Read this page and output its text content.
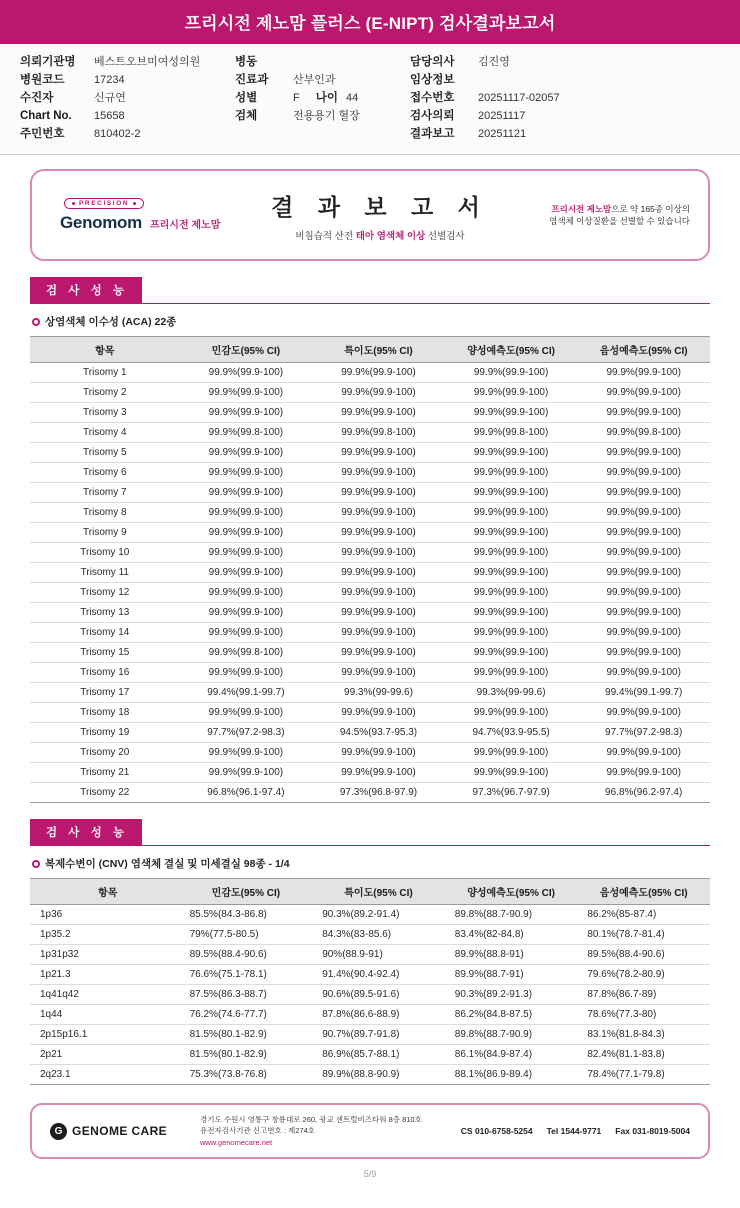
프리시전 제노맘 플러스 (E-NIPT) 검사결과보고서
의뢰기관명	베스트오브미여성의원
병원코드	17234
수진자	신규연
Chart No.	15658
주민번호	810402-2
병동
진료과	산부인과
성별	F 나이 44
검체	전용용기 혈장
담당의사	김진영
임상정보
접수번호	20251117-02057
검사의뢰	20251117
결과보고	20251121
PRECISION
Genomom 프리시전 제노맘
결 과 보 고 서
비침습적 산전 태아 염색체 이상 선별검사
프리시전 제노맘으로 약 165종 이상의
염색체 이상질환을 선별할 수 있습니다
검 사 성 능
상염색체 이수성 (ACA) 22종
항목	민감도(95% CI)	특이도(95% CI)	양성예측도(95% CI)	음성예측도(95% CI)
Trisomy 1	99.9%(99.9-100)	99.9%(99.9-100)	99.9%(99.9-100)	99.9%(99.9-100)
Trisomy 2	99.9%(99.9-100)	99.9%(99.9-100)	99.9%(99.9-100)	99.9%(99.9-100)
Trisomy 3	99.9%(99.9-100)	99.9%(99.9-100)	99.9%(99.9-100)	99.9%(99.9-100)
Trisomy 4	99.9%(99.8-100)	99.9%(99.8-100)	99.9%(99.8-100)	99.9%(99.8-100)
Trisomy 5	99.9%(99.9-100)	99.9%(99.9-100)	99.9%(99.9-100)	99.9%(99.9-100)
Trisomy 6	99.9%(99.9-100)	99.9%(99.9-100)	99.9%(99.9-100)	99.9%(99.9-100)
Trisomy 7	99.9%(99.9-100)	99.9%(99.9-100)	99.9%(99.9-100)	99.9%(99.9-100)
Trisomy 8	99.9%(99.9-100)	99.9%(99.9-100)	99.9%(99.9-100)	99.9%(99.9-100)
Trisomy 9	99.9%(99.9-100)	99.9%(99.9-100)	99.9%(99.9-100)	99.9%(99.9-100)
Trisomy 10	99.9%(99.9-100)	99.9%(99.9-100)	99.9%(99.9-100)	99.9%(99.9-100)
Trisomy 11	99.9%(99.9-100)	99.9%(99.9-100)	99.9%(99.9-100)	99.9%(99.9-100)
Trisomy 12	99.9%(99.9-100)	99.9%(99.9-100)	99.9%(99.9-100)	99.9%(99.9-100)
Trisomy 13	99.9%(99.9-100)	99.9%(99.9-100)	99.9%(99.9-100)	99.9%(99.9-100)
Trisomy 14	99.9%(99.9-100)	99.9%(99.9-100)	99.9%(99.9-100)	99.9%(99.9-100)
Trisomy 15	99.9%(99.8-100)	99.9%(99.9-100)	99.9%(99.9-100)	99.9%(99.9-100)
Trisomy 16	99.9%(99.9-100)	99.9%(99.9-100)	99.9%(99.9-100)	99.9%(99.9-100)
Trisomy 17	99.4%(99.1-99.7)	99.3%(99-99.6)	99.3%(99-99.6)	99.4%(99.1-99.7)
Trisomy 18	99.9%(99.9-100)	99.9%(99.9-100)	99.9%(99.9-100)	99.9%(99.9-100)
Trisomy 19	97.7%(97.2-98.3)	94.5%(93.7-95.3)	94.7%(93.9-95.5)	97.7%(97.2-98.3)
Trisomy 20	99.9%(99.9-100)	99.9%(99.9-100)	99.9%(99.9-100)	99.9%(99.9-100)
Trisomy 21	99.9%(99.9-100)	99.9%(99.9-100)	99.9%(99.9-100)	99.9%(99.9-100)
Trisomy 22	96.8%(96.1-97.4)	97.3%(96.8-97.9)	97.3%(96.7-97.9)	96.8%(96.2-97.4)
검 사 성 능
복제수변이 (CNV) 염색체 결실 및 미세결실 98종 - 1/4
항목	민감도(95% CI)	특이도(95% CI)	양성예측도(95% CI)	음성예측도(95% CI)
1p36	85.5%(84.3-86.8)	90.3%(89.2-91.4)	89.8%(88.7-90.9)	86.2%(85-87.4)
1p35.2	79%(77.5-80.5)	84.3%(83-85.6)	83.4%(82-84.8)	80.1%(78.7-81.4)
1p31p32	89.5%(88.4-90.6)	90%(88.9-91)	89.9%(88.8-91)	89.5%(88.4-90.6)
1p21.3	76.6%(75.1-78.1)	91.4%(90.4-92.4)	89.9%(88.7-91)	79.6%(78.2-80.9)
1q41q42	87.5%(86.3-88.7)	90.6%(89.5-91.6)	90.3%(89.2-91.3)	87.8%(86.7-89)
1q44	76.2%(74.6-77.7)	87.8%(86.6-88.9)	86.2%(84.8-87.5)	78.6%(77.3-80)
2p15p16.1	81.5%(80.1-82.9)	90.7%(89.7-91.8)	89.8%(88.7-90.9)	83.1%(81.8-84.3)
2p21	81.5%(80.1-82.9)	86.9%(85.7-88.1)	86.1%(84.9-87.4)	82.4%(81.1-83.8)
2q23.1	75.3%(73.8-76.8)	89.9%(88.8-90.9)	88.1%(86.9-89.4)	78.4%(77.1-79.8)
G GENOME CARE
경기도 수원시 영통구 창룡대로 260, 광교 센트럴비즈타워 8층 810호
유전자검사기관 신고번호 : 제274호
www.genomecare.net
CS 010-6758-5254 Tel 1544-9771 Fax 031-8019-5004
5/9
